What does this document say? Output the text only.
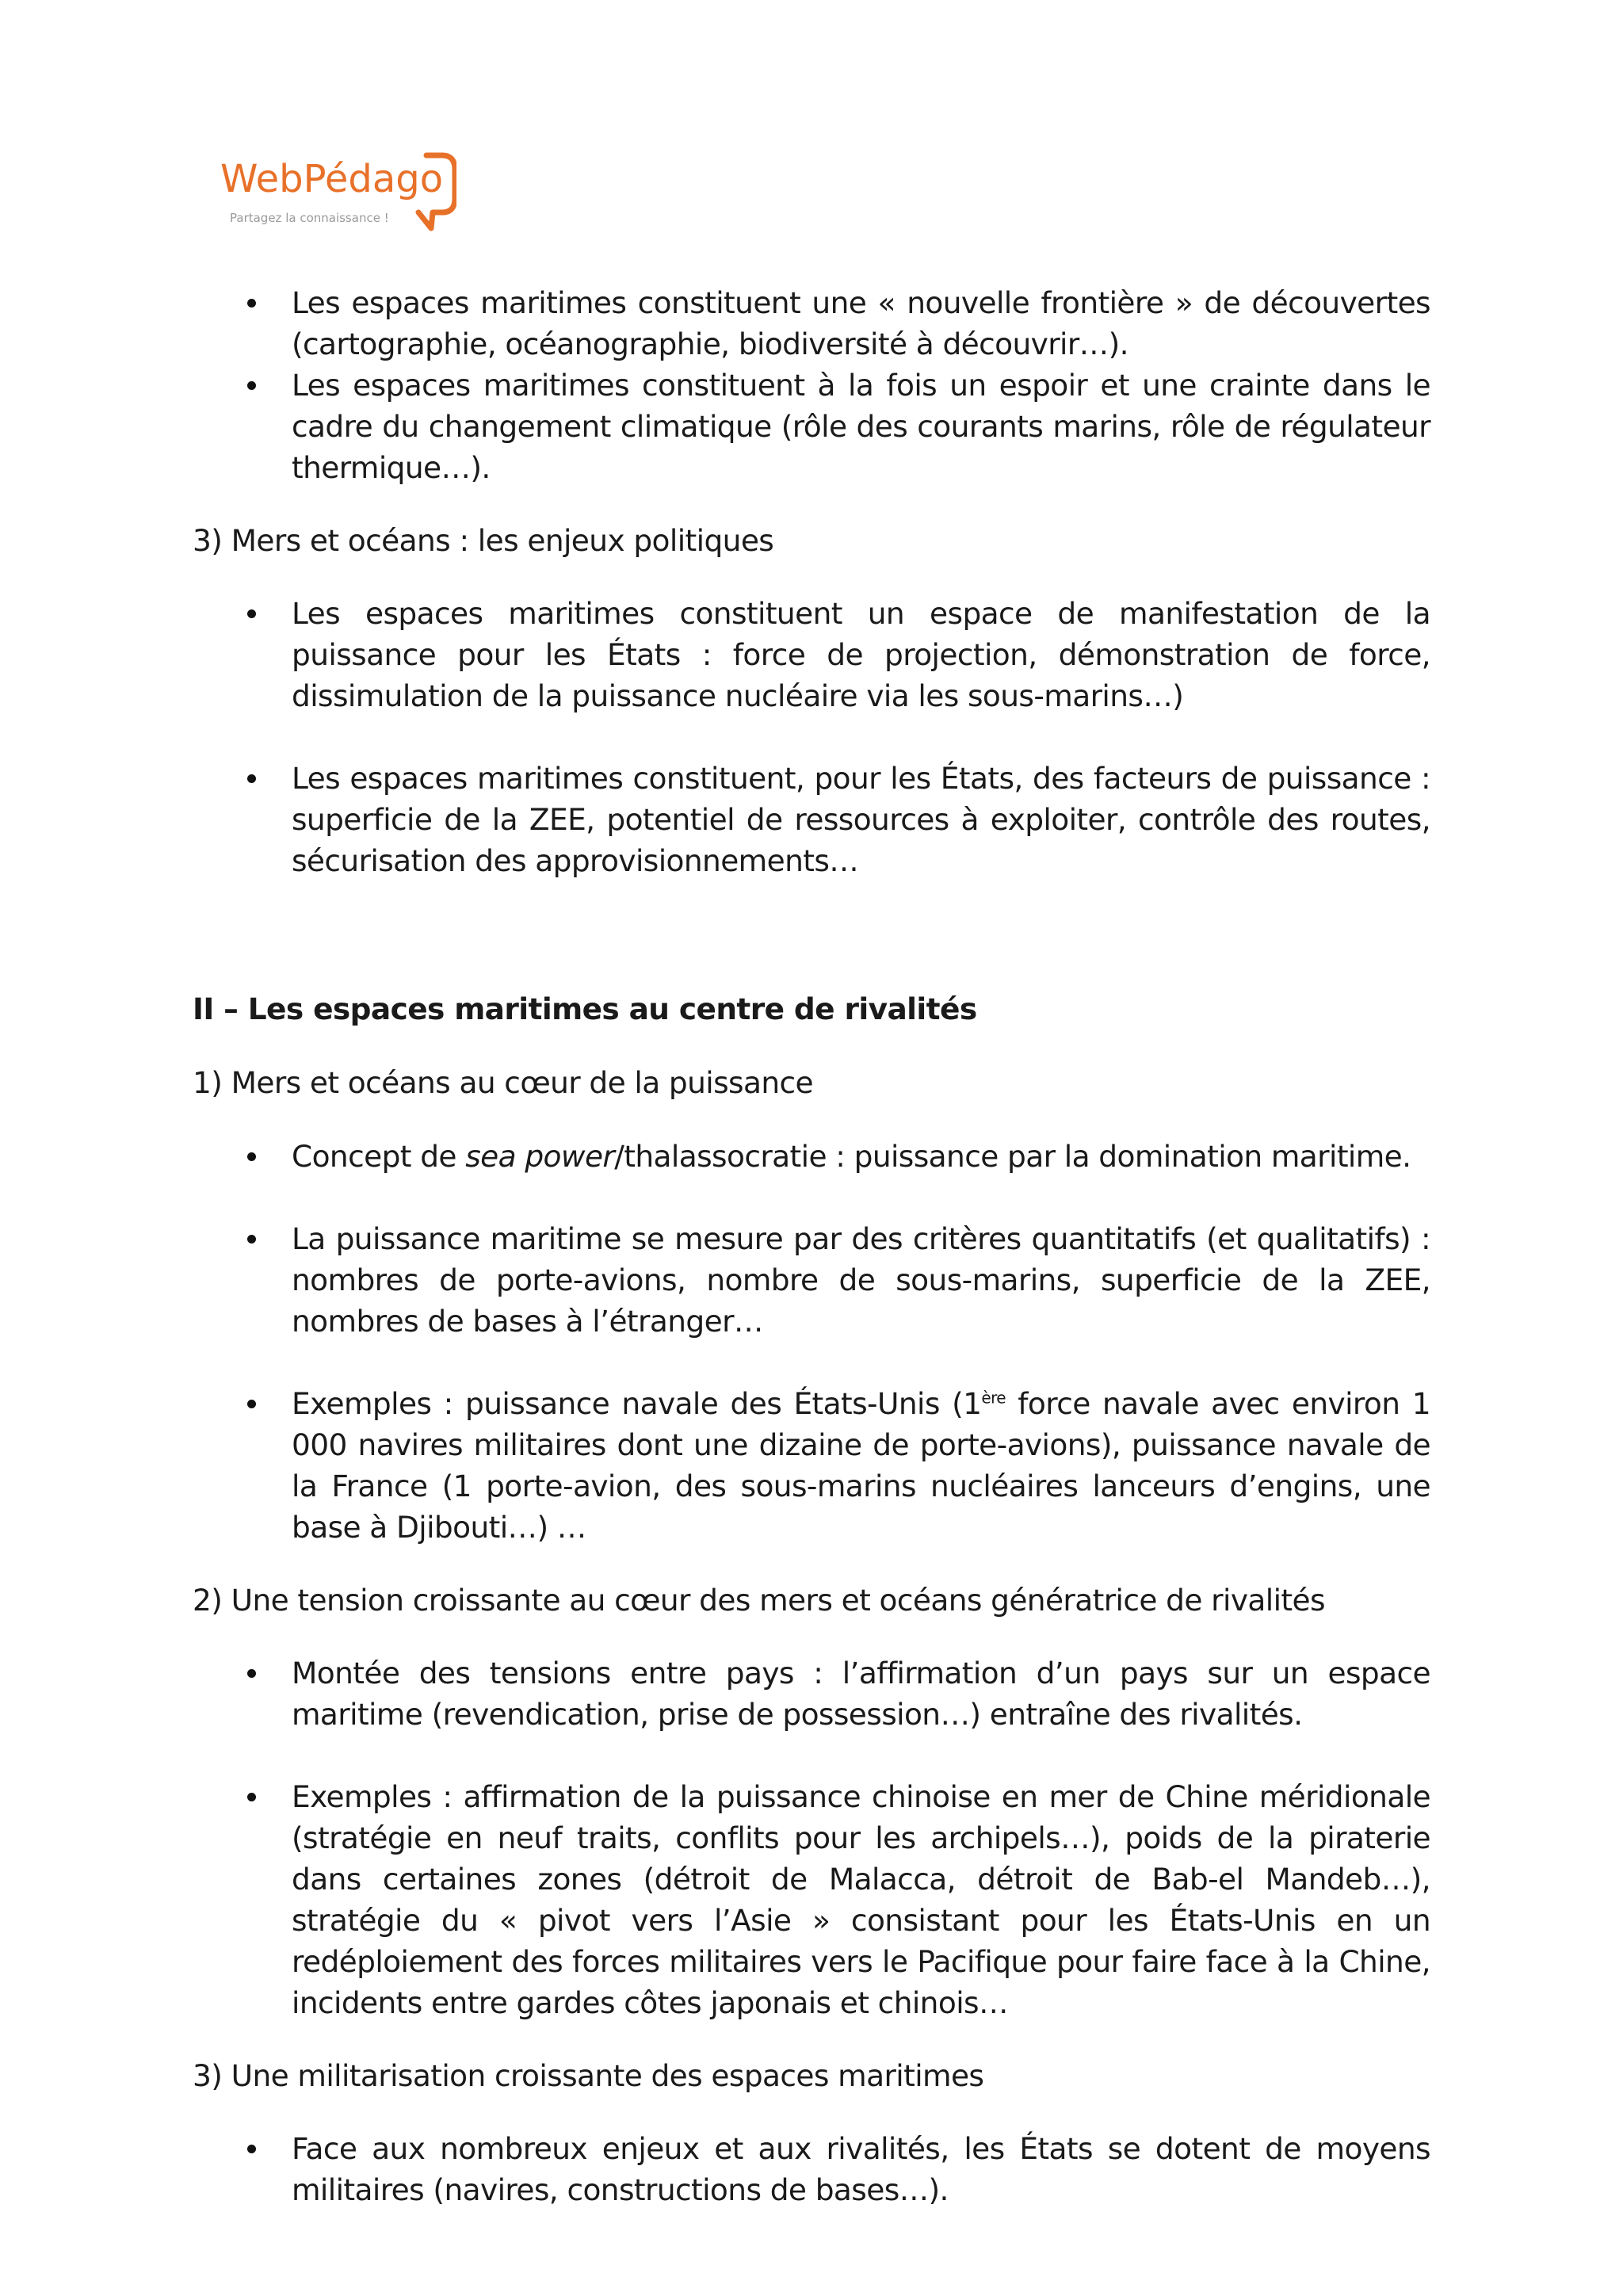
WebPédago
Partagez la connaissance !
Les espaces maritimes constituent une « nouvelle frontière » de découvertes (cartographie, océanographie, biodiversité à découvrir…).
Les espaces maritimes constituent à la fois un espoir et une crainte dans le cadre du changement climatique (rôle des courants marins, rôle de régulateur thermique…).

3) Mers et océans : les enjeux politiques

Les espaces maritimes constituent un espace de manifestation de la puissance pour les États : force de projection, démonstration de force, dissimulation de la puissance nucléaire via les sous-marins…)
Les espaces maritimes constituent, pour les États, des facteurs de puissance : superficie de la ZEE, potentiel de ressources à exploiter, contrôle des routes, sécurisation des approvisionnements…

II – Les espaces maritimes au centre de rivalités

1) Mers et océans au cœur de la puissance

Concept de sea power/thalassocratie : puissance par la domination maritime.
La puissance maritime se mesure par des critères quantitatifs (et qualitatifs) : nombres de porte-avions, nombre de sous-marins, superficie de la ZEE, nombres de bases à l’étranger…
Exemples : puissance navale des États-Unis (1ère force navale avec environ 1 000 navires militaires dont une dizaine de porte-avions), puissance navale de la France (1 porte-avion, des sous-marins nucléaires lanceurs d’engins, une base à Djibouti…) …

2) Une tension croissante au cœur des mers et océans génératrice de rivalités

Montée des tensions entre pays : l’affirmation d’un pays sur un espace maritime (revendication, prise de possession…) entraîne des rivalités.
Exemples : affirmation de la puissance chinoise en mer de Chine méridionale (stratégie en neuf traits, conflits pour les archipels…), poids de la piraterie dans certaines zones (détroit de Malacca, détroit de Bab-el Mandeb…), stratégie du « pivot vers l’Asie » consistant pour les États-Unis en un redéploiement des forces militaires vers le Pacifique pour faire face à la Chine, incidents entre gardes côtes japonais et chinois…

3) Une militarisation croissante des espaces maritimes

Face aux nombreux enjeux et aux rivalités, les États se dotent de moyens militaires (navires, constructions de bases…).
